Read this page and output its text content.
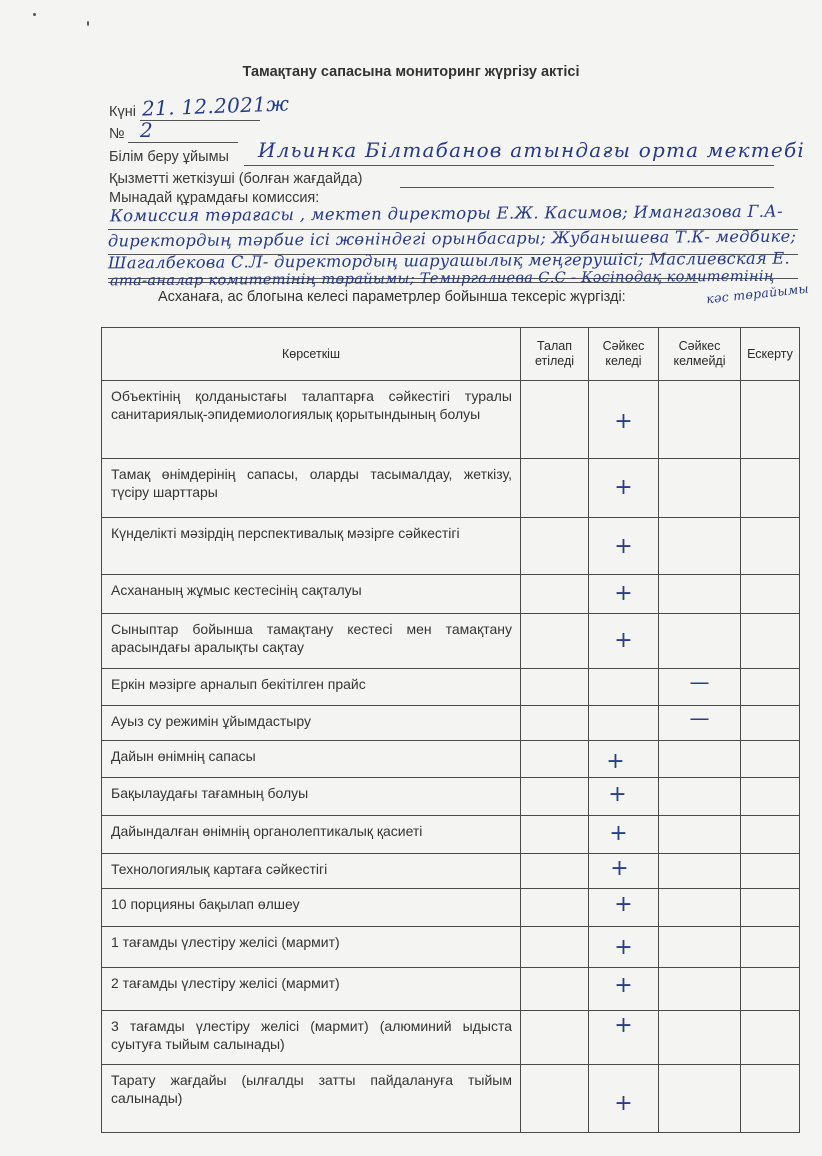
Тамақтану сапасына мониторинг жүргізу актісі
Күні 21. 12.2021ж
№ 2
Білім беру ұйымы Ильинка Білтабанов атындағы орта мектебі
Қызметті жеткізуші (болған жағдайда)
Мынадай құрамдағы комиссия:
Комиссия төрағасы , мектеп директоры Е.Ж. Касимов; Имангазова Г.А-
директордың тәрбие ісі жөніндегі орынбасары; Жубанышева Т.К- медбике;
Шагалбекова С.Л- директордың шаруашылық меңгерушісі; Маслиевская Е.
ата-аналар комитетінің төрайымы; Темиргалиева С.С - Кәсіподақ комитетінің
кәс төрайымы
Асханаға, ас блогына келесі параметрлер бойынша тексеріс жүргізді:
Көрсеткіш	Талап етіледі	Сәйкес келеді	Сәйкес келмейді	Ескерту
Объектінің қолданыстағы талаптарға сәйкестігі туралы санитариялық-эпидемиологиялық қорытындының болуы		+		

Тамақ өнімдерінің сапасы, оларды тасымалдау, жеткізу, түсіру шарттары		+		

Күнделікті мәзірдің перспективалық мәзірге сәйкестігі		+		

Асхананың жұмыс кестесінің сақталуы		+		

Сыныптар бойынша тамақтану кестесі мен тамақтану арасындағы аралықты сақтау		+		

Еркін мәзірге арналып бекітілген прайс			—	

Ауыз су режимін ұйымдастыру			—	

Дайын өнімнің сапасы		+		

Бақылаудағы тағамның болуы		+		

Дайындалған өнімнің органолептикалық қасиеті		+		

Технологиялық картаға сәйкестігі		+		

10 порцияны бақылап өлшеу		+		

1 тағамды үлестіру желісі (мармит)		+		

2 тағамды үлестіру желісі (мармит)		+		

3 тағамды үлестіру желісі (мармит) (алюминий ыдыста суытуға тыйым салынады)		+		

Тарату жағдайы (ылғалды затты пайдалануға тыйым салынады)		+		
